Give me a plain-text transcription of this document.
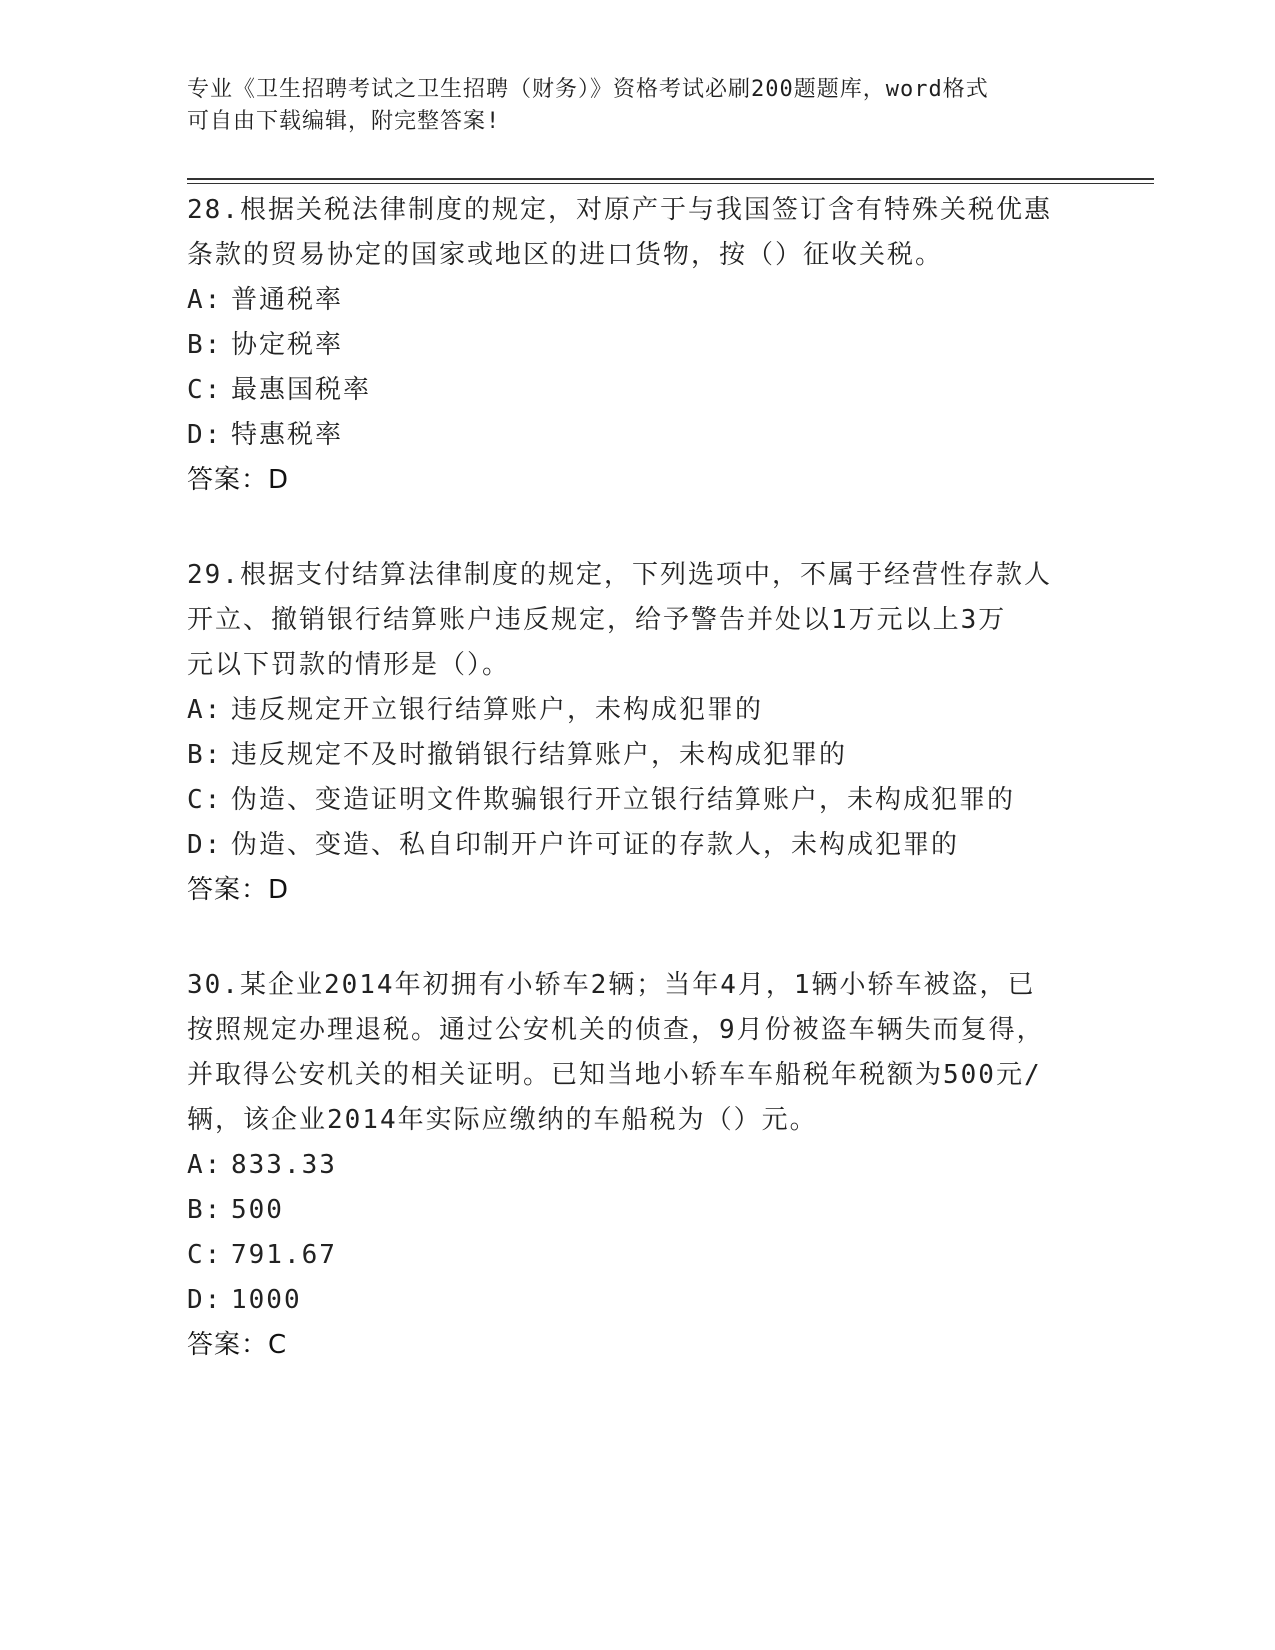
专业《卫生招聘考试之卫生招聘（财务）》资格考试必刷200题题库，word格式
可自由下载编辑，附完整答案!
28.根据关税法律制度的规定，对原产于与我国签订含有特殊关税优惠
条款的贸易协定的国家或地区的进口货物，按（）征收关税。
A: 普通税率
B: 协定税率
C: 最惠国税率
D: 特惠税率
答案：D
29.根据支付结算法律制度的规定，下列选项中，不属于经营性存款人
开立、撤销银行结算账户违反规定，给予警告并处以1万元以上3万
元以下罚款的情形是（）。
A: 违反规定开立银行结算账户，未构成犯罪的
B: 违反规定不及时撤销银行结算账户，未构成犯罪的
C: 伪造、变造证明文件欺骗银行开立银行结算账户，未构成犯罪的
D: 伪造、变造、私自印制开户许可证的存款人，未构成犯罪的
答案：D
30.某企业2014年初拥有小轿车2辆；当年4月，1辆小轿车被盗，已
按照规定办理退税。通过公安机关的侦查，9月份被盗车辆失而复得，
并取得公安机关的相关证明。已知当地小轿车车船税年税额为500元/
辆，该企业2014年实际应缴纳的车船税为（）元。
A: 833.33
B: 500
C: 791.67
D: 1000
答案：C
